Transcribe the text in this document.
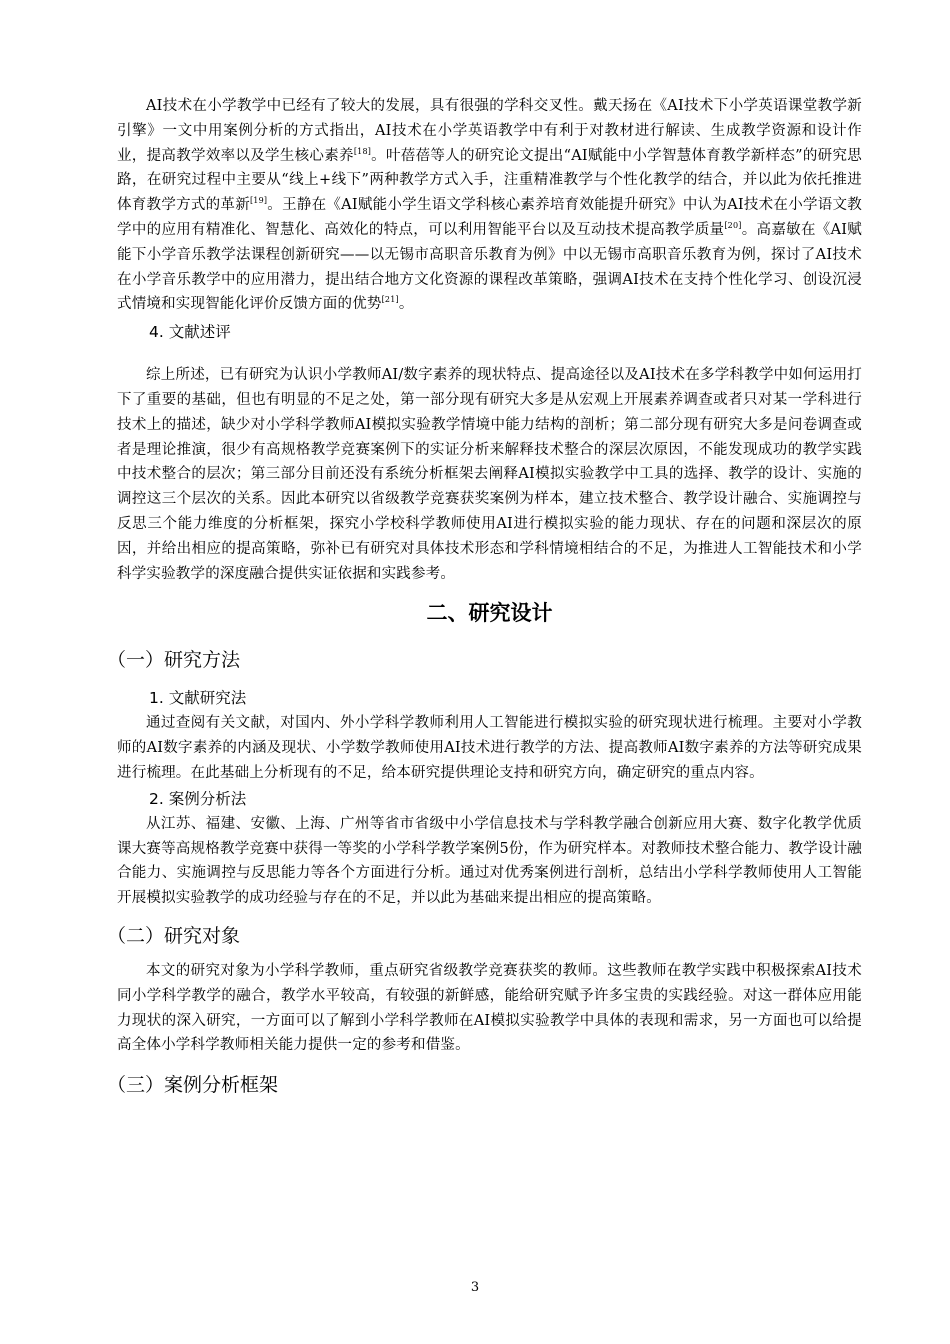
AI技术在小学教学中已经有了较大的发展，具有很强的学科交叉性。戴天扬在《AI技术下小学英语课堂教学新引擎》一文中用案例分析的方式指出，AI技术在小学英语教学中有利于对教材进行解读、生成教学资源和设计作业，提高教学效率以及学生核心素养[18]。叶蓓蓓等人的研究论文提出“AI赋能中小学智慧体育教学新样态”的研究思路，在研究过程中主要从“线上+线下”两种教学方式入手，注重精准教学与个性化教学的结合，并以此为依托推进体育教学方式的革新[19]。王静在《AI赋能小学生语文学科核心素养培育效能提升研究》中认为AI技术在小学语文教学中的应用有精准化、智慧化、高效化的特点，可以利用智能平台以及互动技术提高教学质量[20]。高嘉敏在《AI赋能下小学音乐教学法课程创新研究——以无锡市高职音乐教育为例》中以无锡市高职音乐教育为例，探讨了AI技术在小学音乐教学中的应用潜力，提出结合地方文化资源的课程改革策略，强调AI技术在支持个性化学习、创设沉浸式情境和实现智能化评价反馈方面的优势[21]。

4. 文献述评

综上所述，已有研究为认识小学教师AI/数字素养的现状特点、提高途径以及AI技术在多学科教学中如何运用打下了重要的基础，但也有明显的不足之处，第一部分现有研究大多是从宏观上开展素养调查或者只对某一学科进行技术上的描述，缺少对小学科学教师AI模拟实验教学情境中能力结构的剖析；第二部分现有研究大多是问卷调查或者是理论推演，很少有高规格教学竞赛案例下的实证分析来解释技术整合的深层次原因，不能发现成功的教学实践中技术整合的层次；第三部分目前还没有系统分析框架去阐释AI模拟实验教学中工具的选择、教学的设计、实施的调控这三个层次的关系。因此本研究以省级教学竞赛获奖案例为样本，建立技术整合、教学设计融合、实施调控与反思三个能力维度的分析框架，探究小学校科学教师使用AI进行模拟实验的能力现状、存在的问题和深层次的原因，并给出相应的提高策略，弥补已有研究对具体技术形态和学科情境相结合的不足，为推进人工智能技术和小学科学实验教学的深度融合提供实证依据和实践参考。

二、研究设计
（一）研究方法
1. 文献研究法

通过查阅有关文献，对国内、外小学科学教师利用人工智能进行模拟实验的研究现状进行梳理。主要对小学教师的AI数字素养的内涵及现状、小学数学教师使用AI技术进行教学的方法、提高教师AI数字素养的方法等研究成果进行梳理。在此基础上分析现有的不足，给本研究提供理论支持和研究方向，确定研究的重点内容。

2. 案例分析法

从江苏、福建、安徽、上海、广州等省市省级中小学信息技术与学科教学融合创新应用大赛、数字化教学优质课大赛等高规格教学竞赛中获得一等奖的小学科学教学案例5份，作为研究样本。对教师技术整合能力、教学设计融合能力、实施调控与反思能力等各个方面进行分析。通过对优秀案例进行剖析，总结出小学科学教师使用人工智能开展模拟实验教学的成功经验与存在的不足，并以此为基础来提出相应的提高策略。

（二）研究对象

本文的研究对象为小学科学教师，重点研究省级教学竞赛获奖的教师。这些教师在教学实践中积极探索AI技术同小学科学教学的融合，教学水平较高，有较强的新鲜感，能给研究赋予许多宝贵的实践经验。对这一群体应用能力现状的深入研究，一方面可以了解到小学科学教师在AI模拟实验教学中具体的表现和需求，另一方面也可以给提高全体小学科学教师相关能力提供一定的参考和借鉴。

（三）案例分析框架
3
